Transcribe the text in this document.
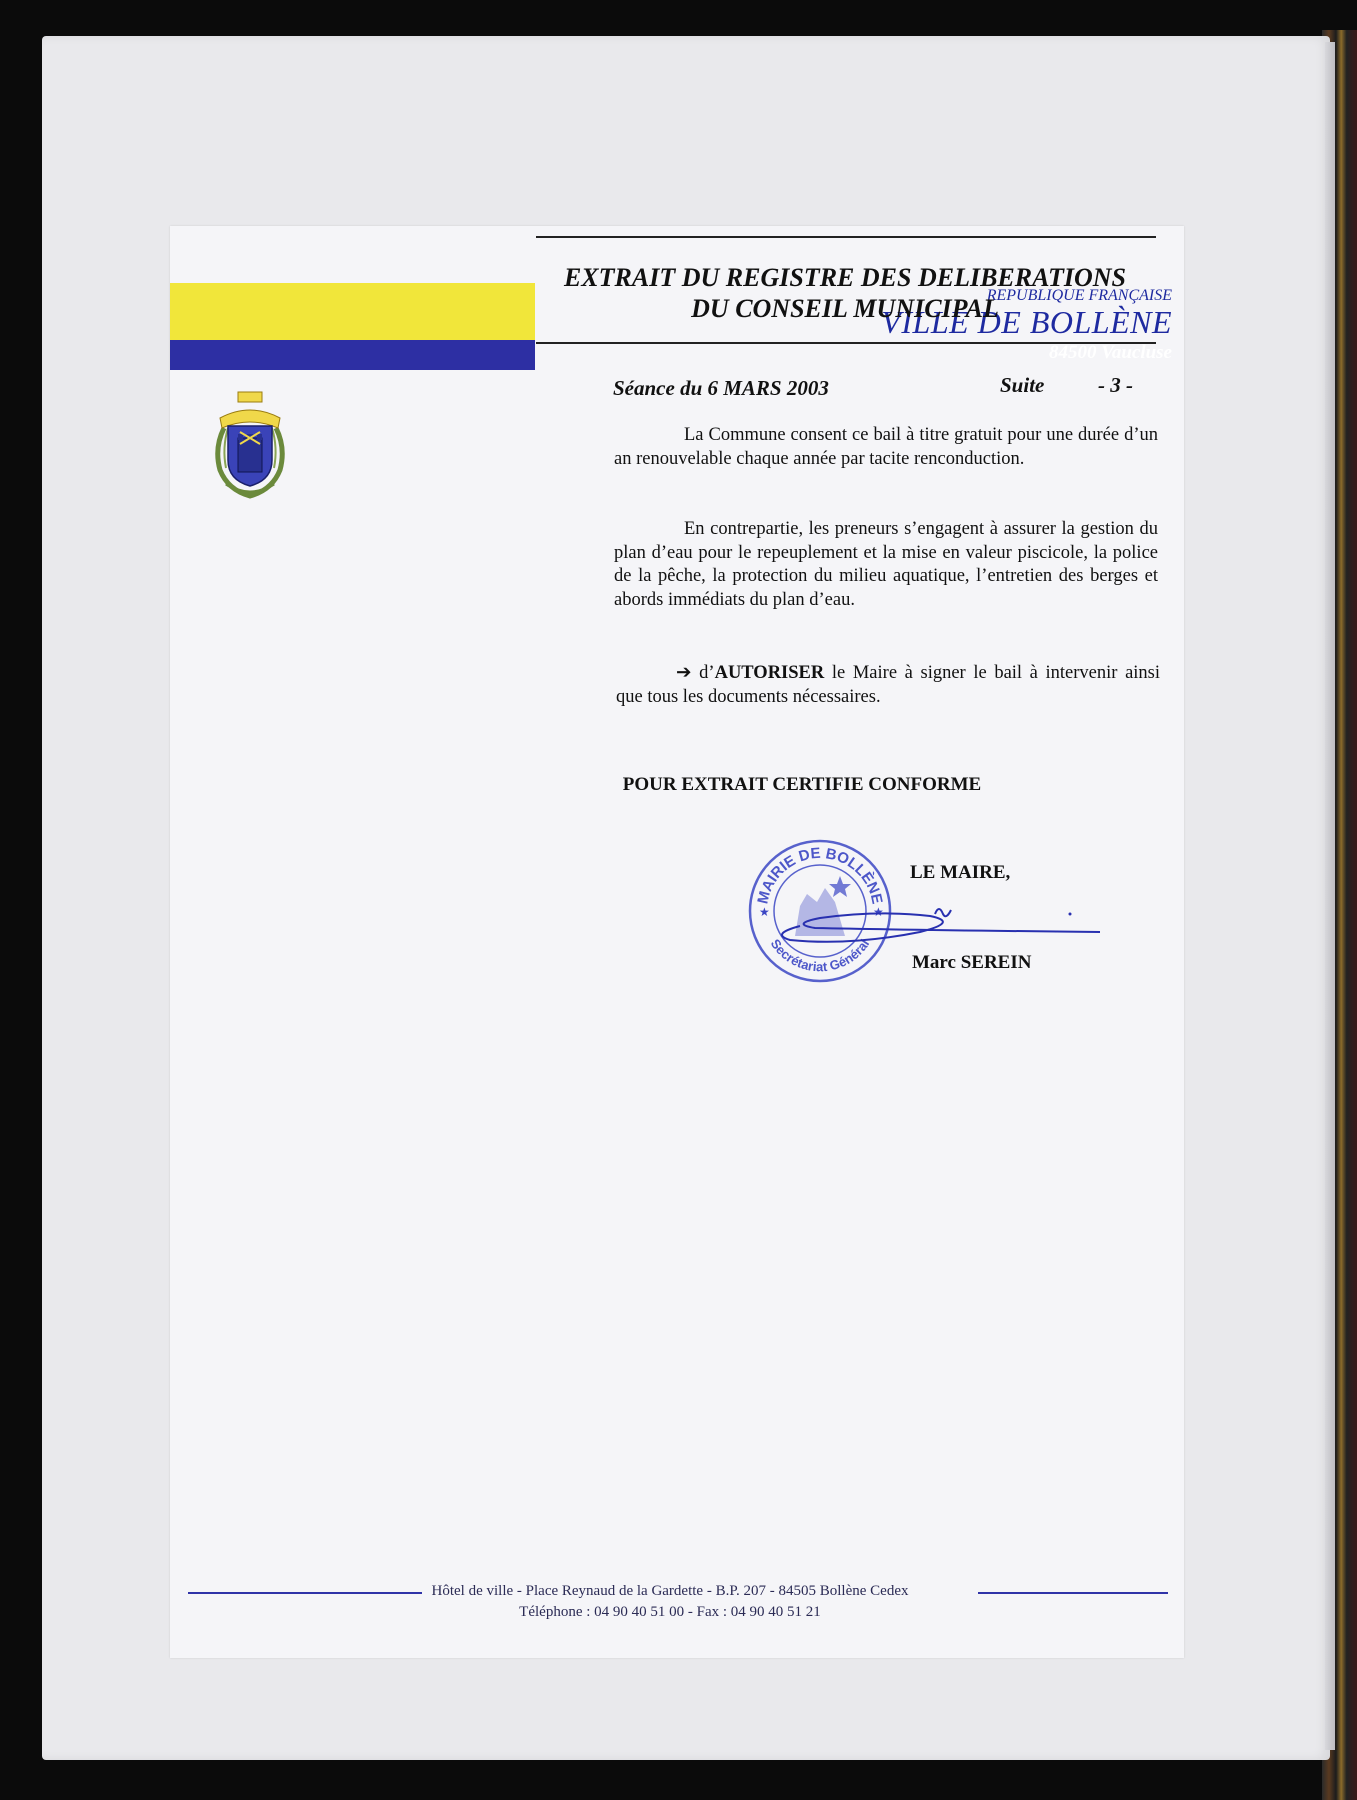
REPUBLIQUE FRANÇAISE
VILLE DE BOLLÈNE
84500 Vaucluse
EXTRAIT DU REGISTRE DES DELIBERATIONS
DU CONSEIL MUNICIPAL
Séance du 6 MARS 2003	Suite	- 3 -
La Commune consent ce bail à titre gratuit pour une durée d’un an renouvelable chaque année par tacite renconduction.
En contrepartie, les preneurs s’engagent à assurer la gestion du plan d’eau pour le repeuplement et la mise en valeur piscicole, la police de la pêche, la protection du milieu aquatique, l’entretien des berges et abords immédiats du plan d’eau.
➔ d’AUTORISER le Maire à signer le bail à intervenir ainsi que tous les documents nécessaires.
POUR EXTRAIT CERTIFIE CONFORME
MAIRIE DE BOLLÈNE
Secrétariat Général
★	★
LE MAIRE,
Marc SEREIN
Hôtel de ville - Place Reynaud de la Gardette - B.P. 207 - 84505 Bollène Cedex
Téléphone : 04 90 40 51 00 - Fax : 04 90 40 51 21
